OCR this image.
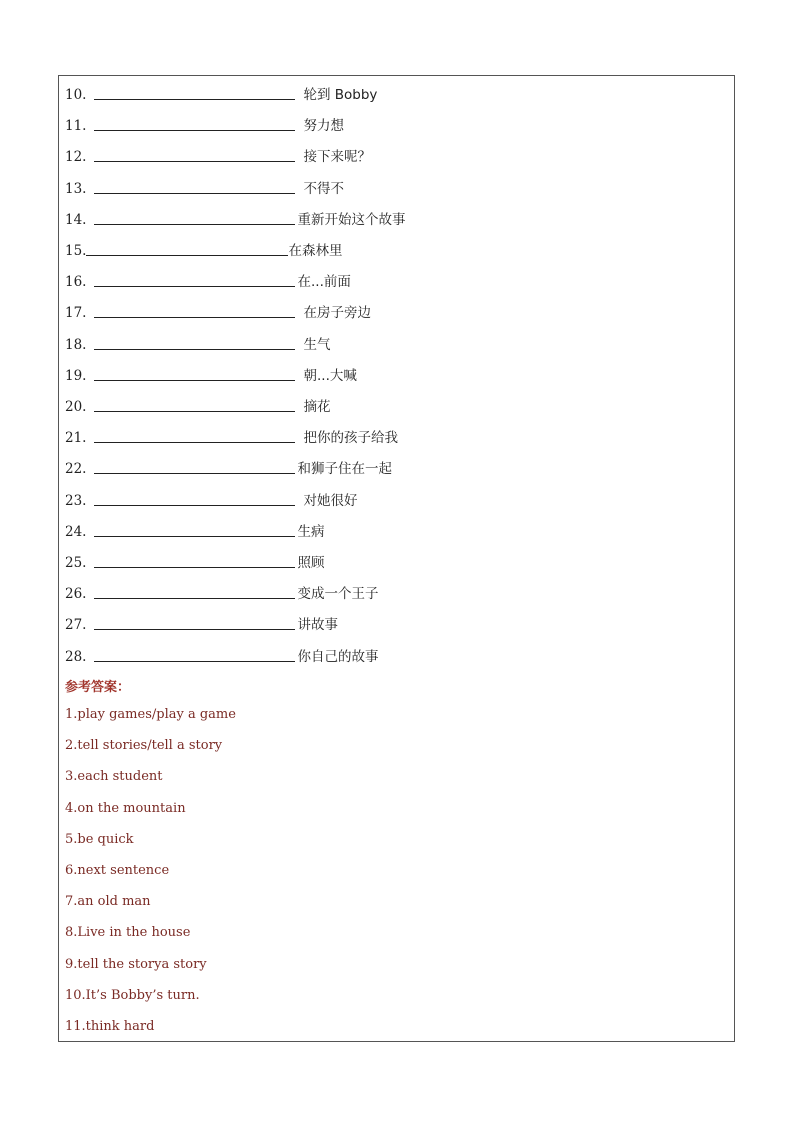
10.	轮到 Bobby
11.	努力想
12.	接下来呢？
13.	不得不
14.	重新开始这个故事
15.	在森林里
16.	在...前面
17.	在房子旁边
18.	生气
19.	朝...大喊
20.	摘花
21.	把你的孩子给我
22.	和狮子住在一起
23.	对她很好
24.	生病
25.	照顾
26.	变成一个王子
27.	讲故事
28.	你自己的故事
参考答案：
1.play games/play a game
2.tell stories/tell a story
3.each student
4.on the mountain
5.be quick
6.next sentence
7.an old man
8.Live in the house
9.tell the storya story
10.It’s Bobby’s turn.
11.think hard
